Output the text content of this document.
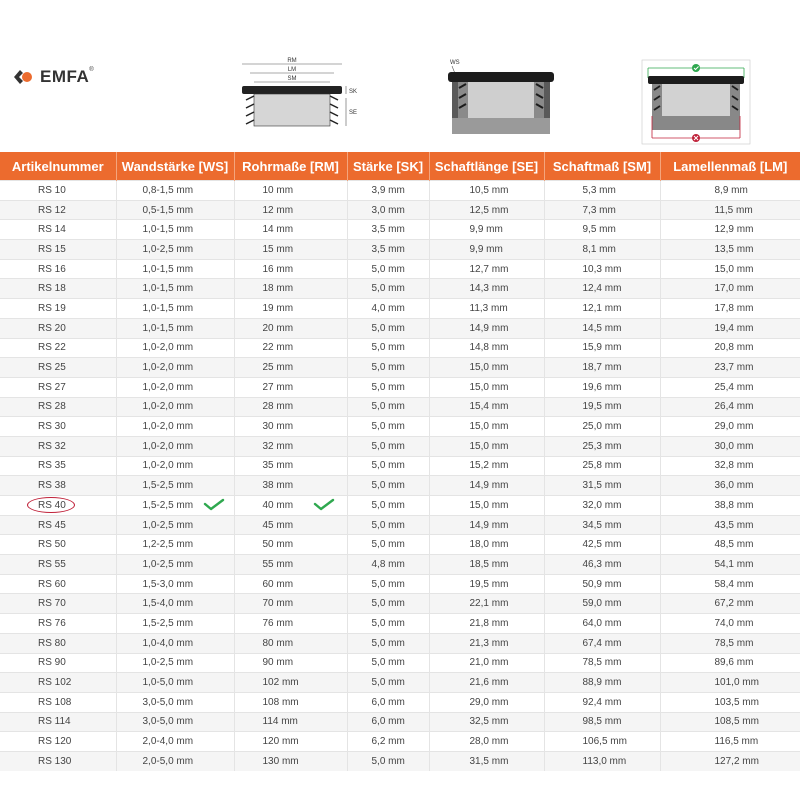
EMFA®
RM
LM
SM
SK
SE
WS
Artikelnummer	Wandstärke [WS]	Rohrmaße [RM]	Stärke [SK]	Schaftlänge [SE]	Schaftmaß [SM]	Lamellenmaß [LM]
RS 10	0,8-1,5 mm	10 mm	3,9 mm	10,5 mm	5,3 mm	8,9 mm
RS 12	0,5-1,5 mm	12 mm	3,0 mm	12,5 mm	7,3 mm	11,5 mm
RS 14	1,0-1,5 mm	14 mm	3,5 mm	9,9 mm	9,5 mm	12,9 mm
RS 15	1,0-2,5 mm	15 mm	3,5 mm	9,9 mm	8,1 mm	13,5 mm
RS 16	1,0-1,5 mm	16 mm	5,0 mm	12,7 mm	10,3 mm	15,0 mm
RS 18	1,0-1,5 mm	18 mm	5,0 mm	14,3 mm	12,4 mm	17,0 mm
RS 19	1,0-1,5 mm	19 mm	4,0 mm	11,3 mm	12,1 mm	17,8 mm
RS 20	1,0-1,5 mm	20 mm	5,0 mm	14,9 mm	14,5 mm	19,4 mm
RS 22	1,0-2,0 mm	22 mm	5,0 mm	14,8 mm	15,9 mm	20,8 mm
RS 25	1,0-2,0 mm	25 mm	5,0 mm	15,0 mm	18,7 mm	23,7 mm
RS 27	1,0-2,0 mm	27 mm	5,0 mm	15,0 mm	19,6 mm	25,4 mm
RS 28	1,0-2,0 mm	28 mm	5,0 mm	15,4 mm	19,5 mm	26,4 mm
RS 30	1,0-2,0 mm	30 mm	5,0 mm	15,0 mm	25,0 mm	29,0 mm
RS 32	1,0-2,0 mm	32 mm	5,0 mm	15,0 mm	25,3 mm	30,0 mm
RS 35	1,0-2,0 mm	35 mm	5,0 mm	15,2 mm	25,8 mm	32,8 mm
RS 38	1,5-2,5 mm	38 mm	5,0 mm	14,9 mm	31,5 mm	36,0 mm
RS 40	1,5-2,5 mm	40 mm	5,0 mm	15,0 mm	32,0 mm	38,8 mm
RS 45	1,0-2,5 mm	45 mm	5,0 mm	14,9 mm	34,5 mm	43,5 mm
RS 50	1,2-2,5 mm	50 mm	5,0 mm	18,0 mm	42,5 mm	48,5 mm
RS 55	1,0-2,5 mm	55 mm	4,8 mm	18,5 mm	46,3 mm	54,1 mm
RS 60	1,5-3,0 mm	60 mm	5,0 mm	19,5 mm	50,9 mm	58,4 mm
RS 70	1,5-4,0 mm	70 mm	5,0 mm	22,1 mm	59,0 mm	67,2 mm
RS 76	1,5-2,5 mm	76 mm	5,0 mm	21,8 mm	64,0 mm	74,0 mm
RS 80	1,0-4,0 mm	80 mm	5,0 mm	21,3 mm	67,4 mm	78,5 mm
RS 90	1,0-2,5 mm	90 mm	5,0 mm	21,0 mm	78,5 mm	89,6 mm
RS 102	1,0-5,0 mm	102 mm	5,0 mm	21,6 mm	88,9 mm	101,0 mm
RS 108	3,0-5,0 mm	108 mm	6,0 mm	29,0 mm	92,4 mm	103,5 mm
RS 114	3,0-5,0 mm	114 mm	6,0 mm	32,5 mm	98,5 mm	108,5 mm
RS 120	2,0-4,0 mm	120 mm	6,2 mm	28,0 mm	106,5 mm	116,5 mm
RS 130	2,0-5,0 mm	130 mm	5,0 mm	31,5 mm	113,0 mm	127,2 mm
